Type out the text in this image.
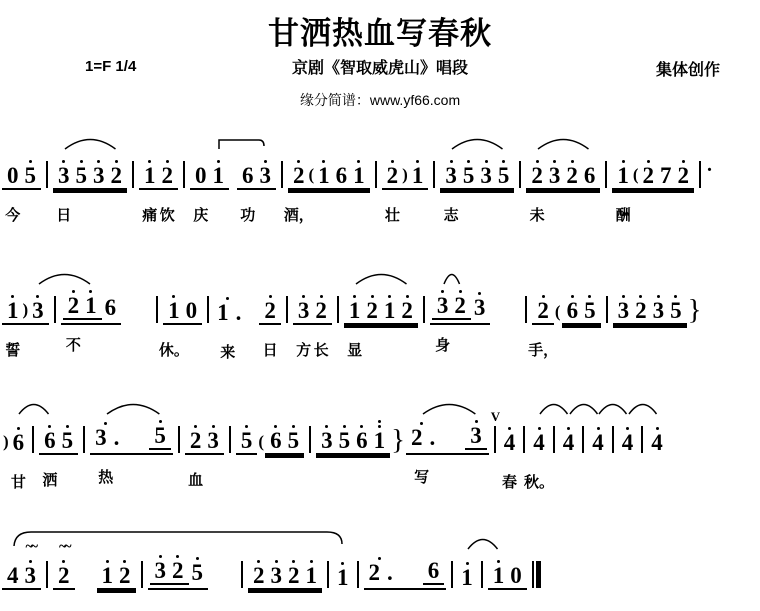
甘洒热血写春秋
1=F 1/4	京剧《智取威虎山》唱段	集体创作
缘分简谱：www.yf66.com
0
今
5 3
日
5 3 2 1
痛
2
饮
0
庆
1 6
功
3 2
酒，
( 1 6 1 2
壮
) 1 3
志
5 3 5 2
未
3 2 6 1
酬
( 2 7 2 .
1
誓
) 3 2
不
1 6 1
休。
0 1 .
来
2
日
3
方
2
长
1
显
2 1 2 3
身
2 3 2
手，
( 6 5 3 2 3 5 }
) 6
甘
6
洒
5 3 .
热
5 2
血
3 5 ( 6 5 3 5 6 1 } 2 .
写
3
V
4
春
4
秋。
4 4 4 4
4
~~
3
~~
2 1 2 3 2 5 2 3 2 1 1 2 . 6 1 1 0
